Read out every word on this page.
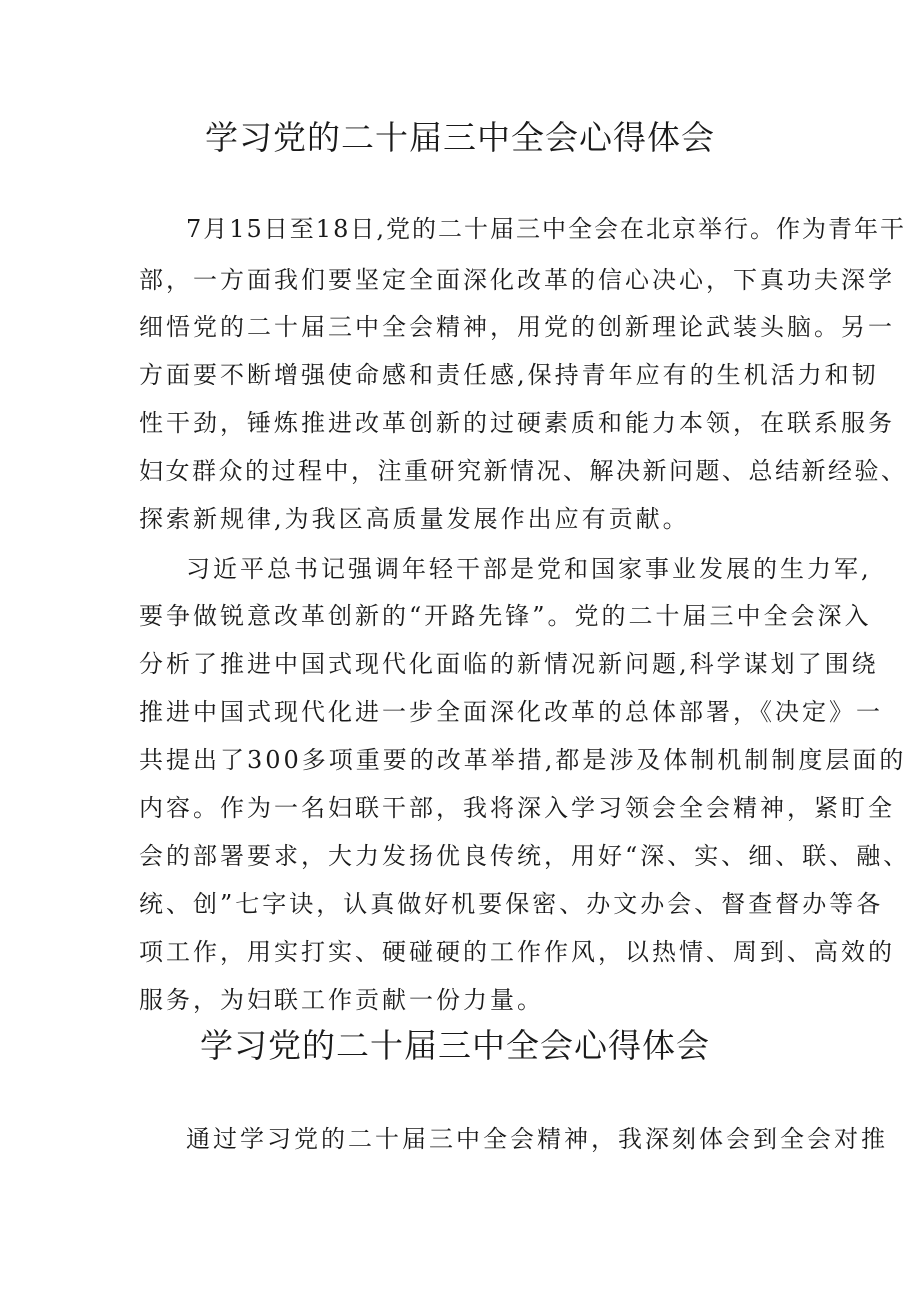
学习党的二十届三中全会心得体会
7月15日至18日,党的二十届三中全会在北京举行。作为青年干
部，一方面我们要坚定全面深化改革的信心决心，下真功夫深学
细悟党的二十届三中全会精神，用党的创新理论武装头脑。另一
方面要不断增强使命感和责任感,保持青年应有的生机活力和韧
性干劲，锤炼推进改革创新的过硬素质和能力本领，在联系服务
妇女群众的过程中，注重研究新情况、解决新问题、总结新经验、
探索新规律,为我区高质量发展作出应有贡献。
习近平总书记强调年轻干部是党和国家事业发展的生力军,
要争做锐意改革创新的“开路先锋”。党的二十届三中全会深入
分析了推进中国式现代化面临的新情况新问题,科学谋划了围绕
推进中国式现代化进一步全面深化改革的总体部署，《决定》一
共提出了300多项重要的改革举措,都是涉及体制机制制度层面的
内容。作为一名妇联干部，我将深入学习领会全会精神，紧盯全
会的部署要求，大力发扬优良传统，用好“深、实、细、联、融、
统、创”七字诀，认真做好机要保密、办文办会、督查督办等各
项工作，用实打实、硬碰硬的工作作风，以热情、周到、高效的
服务，为妇联工作贡献一份力量。
学习党的二十届三中全会心得体会
通过学习党的二十届三中全会精神，我深刻体会到全会对推
